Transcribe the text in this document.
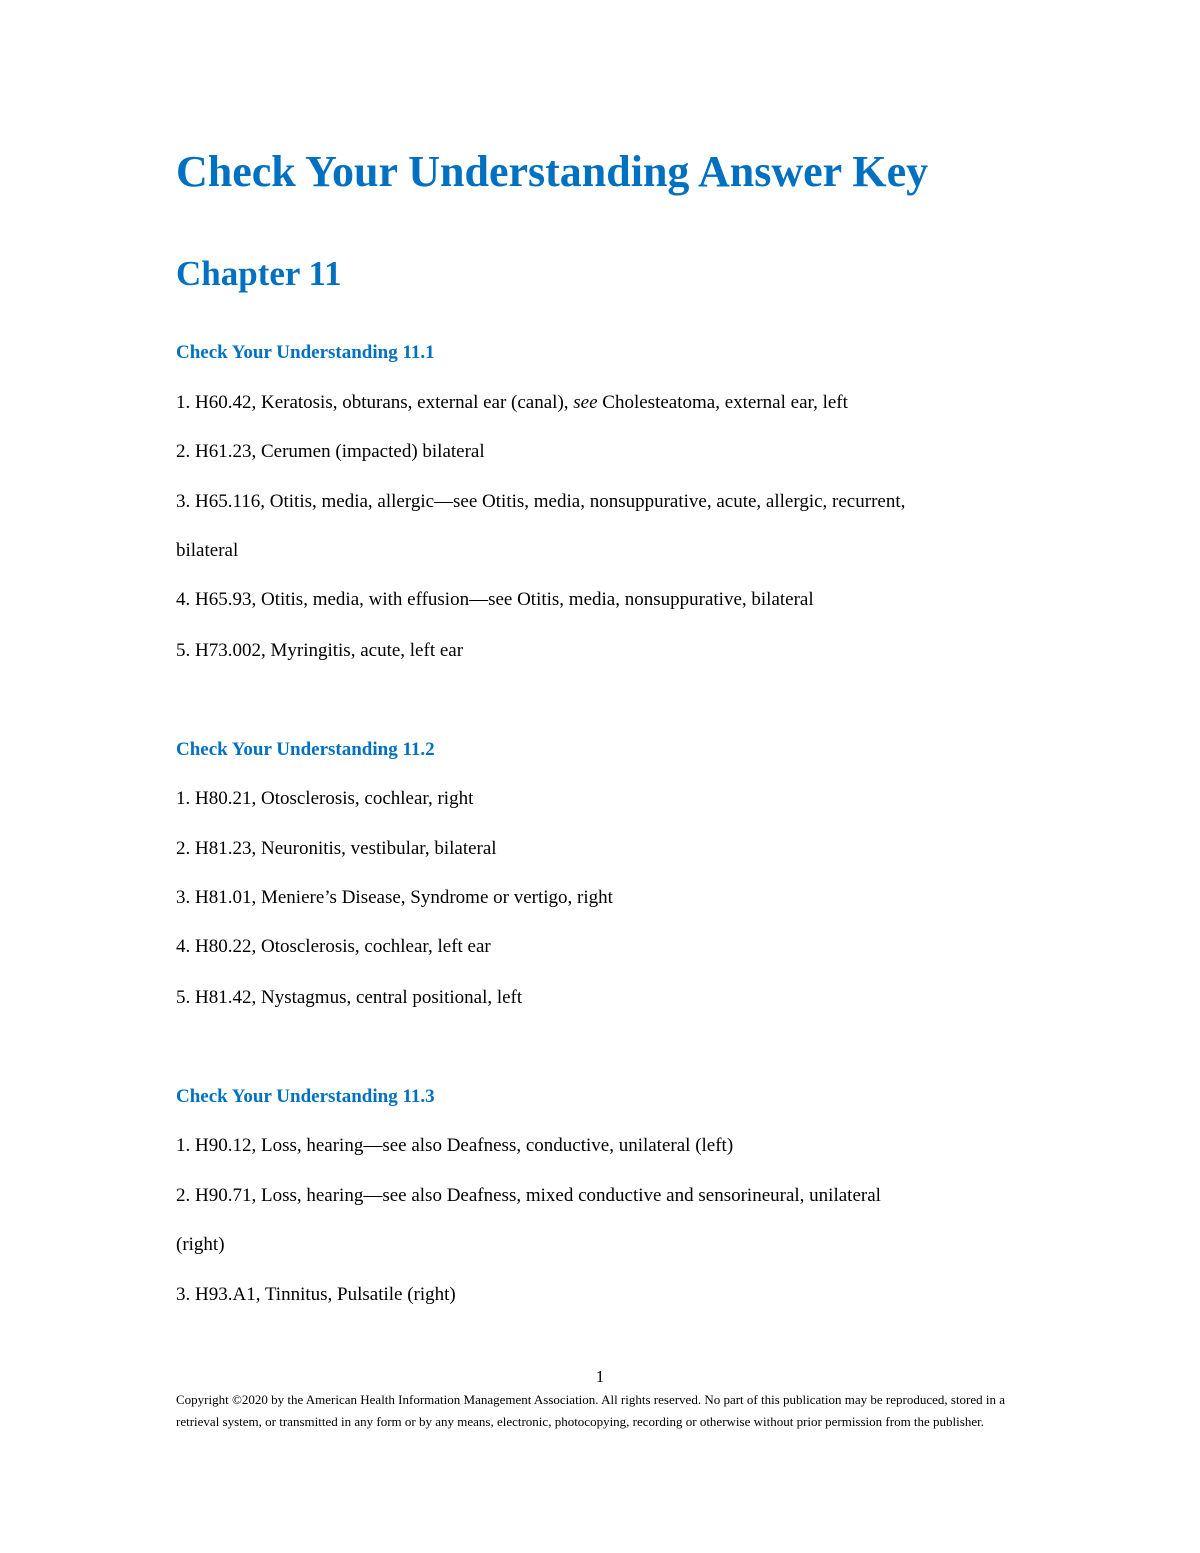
Check Your Understanding Answer Key
Chapter 11
Check Your Understanding 11.1

1. H60.42, Keratosis, obturans, external ear (canal), see Cholesteatoma, external ear, left

2. H61.23, Cerumen (impacted) bilateral

3. H65.116, Otitis, media, allergic—see Otitis, media, nonsuppurative, acute, allergic, recurrent,

bilateral

4. H65.93, Otitis, media, with effusion—see Otitis, media, nonsuppurative, bilateral

5. H73.002, Myringitis, acute, left ear

Check Your Understanding 11.2

1. H80.21, Otosclerosis, cochlear, right

2. H81.23, Neuronitis, vestibular, bilateral

3. H81.01, Meniere’s Disease, Syndrome or vertigo, right

4. H80.22, Otosclerosis, cochlear, left ear

5. H81.42, Nystagmus, central positional, left

Check Your Understanding 11.3

1. H90.12, Loss, hearing—see also Deafness, conductive, unilateral (left)

2. H90.71, Loss, hearing—see also Deafness, mixed conductive and sensorineural, unilateral

(right)

3. H93.A1, Tinnitus, Pulsatile (right)

1

Copyright ©2020 by the American Health Information Management Association. All rights reserved. No part of this publication may be reproduced, stored in a retrieval system, or transmitted in any form or by any means, electronic, photocopying, recording or otherwise without prior permission from the publisher.
